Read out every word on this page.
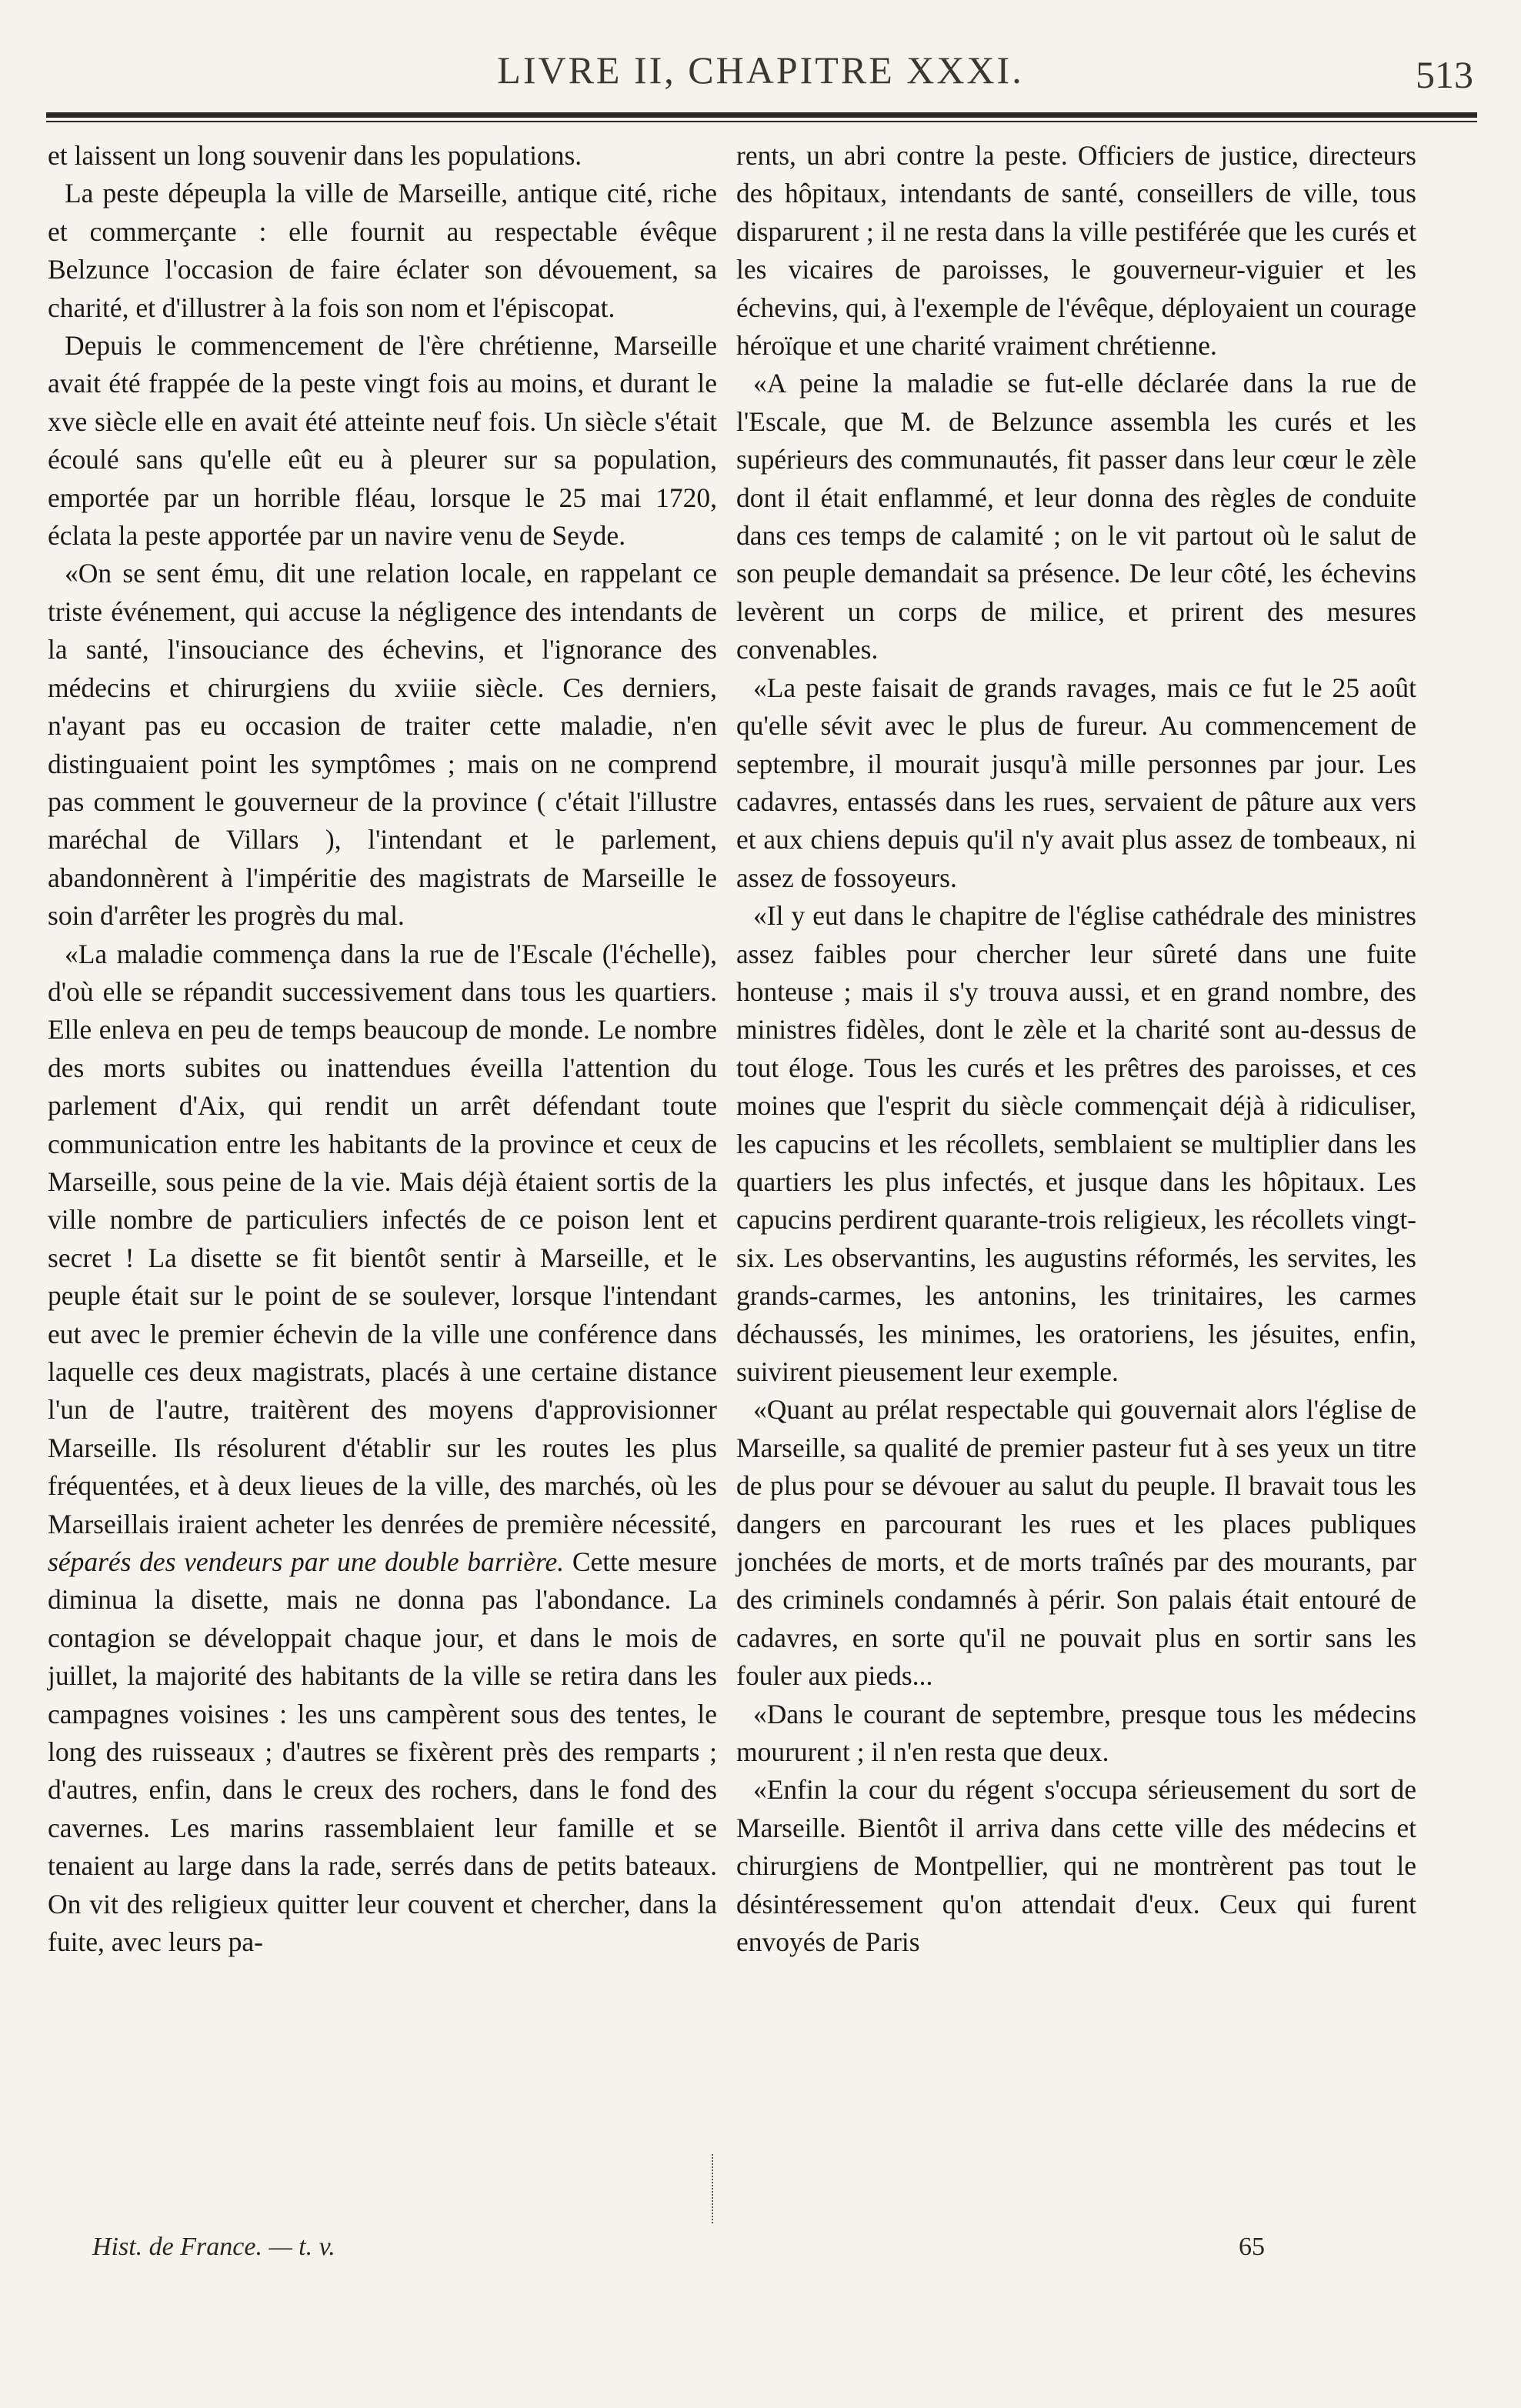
LIVRE II, CHAPITRE XXXI.	513

et laissent un long souvenir dans les populations.

La peste dépeupla la ville de Marseille, antique cité, riche et commerçante : elle fournit au respectable évêque Belzunce l'occasion de faire éclater son dévouement, sa charité, et d'illustrer à la fois son nom et l'épiscopat.

Depuis le commencement de l'ère chrétienne, Marseille avait été frappée de la peste vingt fois au moins, et durant le xve siècle elle en avait été atteinte neuf fois. Un siècle s'était écoulé sans qu'elle eût eu à pleurer sur sa population, emportée par un horrible fléau, lorsque le 25 mai 1720, éclata la peste apportée par un navire venu de Seyde.

«On se sent ému, dit une relation locale, en rappelant ce triste événement, qui accuse la négligence des intendants de la santé, l'insouciance des échevins, et l'ignorance des médecins et chirurgiens du xviiie siècle. Ces derniers, n'ayant pas eu occasion de traiter cette maladie, n'en distinguaient point les symptômes ; mais on ne comprend pas comment le gouverneur de la province ( c'était l'illustre maréchal de Villars ), l'intendant et le parlement, abandonnèrent à l'impéritie des magistrats de Marseille le soin d'arrêter les progrès du mal.

«La maladie commença dans la rue de l'Escale (l'échelle), d'où elle se répandit successivement dans tous les quartiers. Elle enleva en peu de temps beaucoup de monde. Le nombre des morts subites ou inattendues éveilla l'attention du parlement d'Aix, qui rendit un arrêt défendant toute communication entre les habitants de la province et ceux de Marseille, sous peine de la vie. Mais déjà étaient sortis de la ville nombre de particuliers infectés de ce poison lent et secret ! La disette se fit bientôt sentir à Marseille, et le peuple était sur le point de se soulever, lorsque l'intendant eut avec le premier échevin de la ville une conférence dans laquelle ces deux magistrats, placés à une certaine distance l'un de l'autre, traitèrent des moyens d'approvisionner Marseille. Ils résolurent d'établir sur les routes les plus fréquentées, et à deux lieues de la ville, des marchés, où les Marseillais iraient acheter les denrées de première nécessité, séparés des vendeurs par une double barrière. Cette mesure diminua la disette, mais ne donna pas l'abondance. La contagion se développait chaque jour, et dans le mois de juillet, la majorité des habitants de la ville se retira dans les campagnes voisines : les uns campèrent sous des tentes, le long des ruisseaux ; d'autres se fixèrent près des remparts ; d'autres, enfin, dans le creux des rochers, dans le fond des cavernes. Les marins rassemblaient leur famille et se tenaient au large dans la rade, serrés dans de petits bateaux. On vit des religieux quitter leur couvent et chercher, dans la fuite, avec leurs pa-

rents, un abri contre la peste. Officiers de justice, directeurs des hôpitaux, intendants de santé, conseillers de ville, tous disparurent ; il ne resta dans la ville pestiférée que les curés et les vicaires de paroisses, le gouverneur-viguier et les échevins, qui, à l'exemple de l'évêque, déployaient un courage héroïque et une charité vraiment chrétienne.

«A peine la maladie se fut-elle déclarée dans la rue de l'Escale, que M. de Belzunce assembla les curés et les supérieurs des communautés, fit passer dans leur cœur le zèle dont il était enflammé, et leur donna des règles de conduite dans ces temps de calamité ; on le vit partout où le salut de son peuple demandait sa présence. De leur côté, les échevins levèrent un corps de milice, et prirent des mesures convenables.

«La peste faisait de grands ravages, mais ce fut le 25 août qu'elle sévit avec le plus de fureur. Au commencement de septembre, il mourait jusqu'à mille personnes par jour. Les cadavres, entassés dans les rues, servaient de pâture aux vers et aux chiens depuis qu'il n'y avait plus assez de tombeaux, ni assez de fossoyeurs.

«Il y eut dans le chapitre de l'église cathédrale des ministres assez faibles pour chercher leur sûreté dans une fuite honteuse ; mais il s'y trouva aussi, et en grand nombre, des ministres fidèles, dont le zèle et la charité sont au-dessus de tout éloge. Tous les curés et les prêtres des paroisses, et ces moines que l'esprit du siècle commençait déjà à ridiculiser, les capucins et les récollets, semblaient se multiplier dans les quartiers les plus infectés, et jusque dans les hôpitaux. Les capucins perdirent quarante-trois religieux, les récollets vingt-six. Les observantins, les augustins réformés, les servites, les grands-carmes, les antonins, les trinitaires, les carmes déchaussés, les minimes, les oratoriens, les jésuites, enfin, suivirent pieusement leur exemple.

«Quant au prélat respectable qui gouvernait alors l'église de Marseille, sa qualité de premier pasteur fut à ses yeux un titre de plus pour se dévouer au salut du peuple. Il bravait tous les dangers en parcourant les rues et les places publiques jonchées de morts, et de morts traînés par des mourants, par des criminels condamnés à périr. Son palais était entouré de cadavres, en sorte qu'il ne pouvait plus en sortir sans les fouler aux pieds...

«Dans le courant de septembre, presque tous les médecins moururent ; il n'en resta que deux.

«Enfin la cour du régent s'occupa sérieusement du sort de Marseille. Bientôt il arriva dans cette ville des médecins et chirurgiens de Montpellier, qui ne montrèrent pas tout le désintéressement qu'on attendait d'eux. Ceux qui furent envoyés de Paris

Hist. de France. — t. v.	65
